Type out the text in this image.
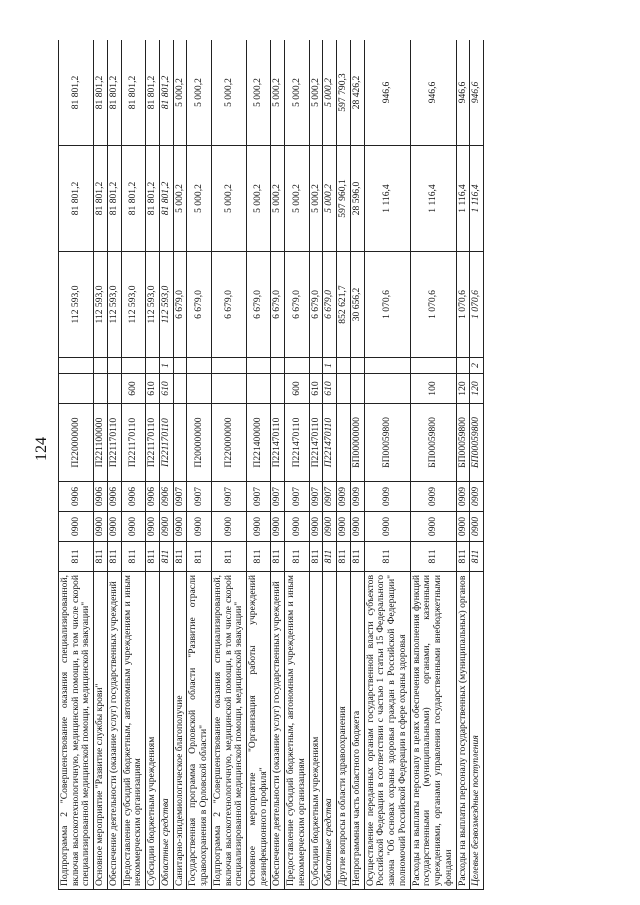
124
Подпрограмма 2 "Совершенствование оказания специализированной, включая высокотехнологичную, медицинской помощи, в том числе скорой специализированной медицинской помощи, медицинской эвакуации"	811	0900	0906	П220000000			112 593,0	81 801,2	81 801,2
Основное мероприятие "Развитие службы крови"	811	0900	0906	П221100000			112 593,0	81 801,2	81 801,2
Обеспечение деятельности (оказание услуг) государственных учреждений	811	0900	0906	П221170110			112 593,0	81 801,2	81 801,2
Предоставление субсидий бюджетным, автономным учреждениям и иным некоммерческим организациям	811	0900	0906	П221170110	600		112 593,0	81 801,2	81 801,2
Субсидии бюджетным учреждениям	811	0900	0906	П221170110	610		112 593,0	81 801,2	81 801,2
Областные средства	811	0900	0906	П221170110	610	1	112 593,0	81 801,2	81 801,2
Санитарно-эпидемиологическое благополучие	811	0900	0907				6 679,0	5 000,2	5 000,2
Государственная программа Орловской области "Развитие отрасли здравоохранения в Орловской области"	811	0900	0907	П200000000			6 679,0	5 000,2	5 000,2
Подпрограмма 2 "Совершенствование оказания специализированной, включая высокотехнологичную, медицинской помощи, в том числе скорой специализированной медицинской помощи, медицинской эвакуации"	811	0900	0907	П220000000			6 679,0	5 000,2	5 000,2
Основное мероприятие "Организация работы учреждений дезинфекционного профиля"	811	0900	0907	П221400000			6 679,0	5 000,2	5 000,2
Обеспечение деятельности (оказание услуг) государственных учреждений	811	0900	0907	П221470110			6 679,0	5 000,2	5 000,2
Предоставление субсидий бюджетным, автономным учреждениям и иным некоммерческим организациям	811	0900	0907	П221470110	600		6 679,0	5 000,2	5 000,2
Субсидии бюджетным учреждениям	811	0900	0907	П221470110	610		6 679,0	5 000,2	5 000,2
Областные средства	811	0900	0907	П221470110	610	1	6 679,0	5 000,2	5 000,2
Другие вопросы в области здравоохранения	811	0900	0909				852 621,7	597 960,1	597 790,3
Непрограммная часть областного бюджета	811	0900	0909	БП00000000			30 656,2	28 596,0	28 426,2
Осуществление переданных органам государственной власти субъектов Российской Федерации в соответствии с частью 1 статьи 15 Федерального закона "Об основах охраны здоровья граждан в Российской Федерации" полномочий Российской Федерации в сфере охраны здоровья	811	0900	0909	БП00059800			1 070,6	1 116,4	946,6
Расходы на выплаты персоналу в целях обеспечения выполнения функций государственными (муниципальными) органами, казенными учреждениями, органами управления государственными внебюджетными фондами	811	0900	0909	БП00059800	100		1 070,6	1 116,4	946,6
Расходы на выплаты персоналу государственных (муниципальных) органов	811	0900	0909	БП00059800	120		1 070,6	1 116,4	946,6
Целевые безвозмездные поступления	811	0900	0909	БП00059800	120	2	1 070,6	1 116,4	946,6
